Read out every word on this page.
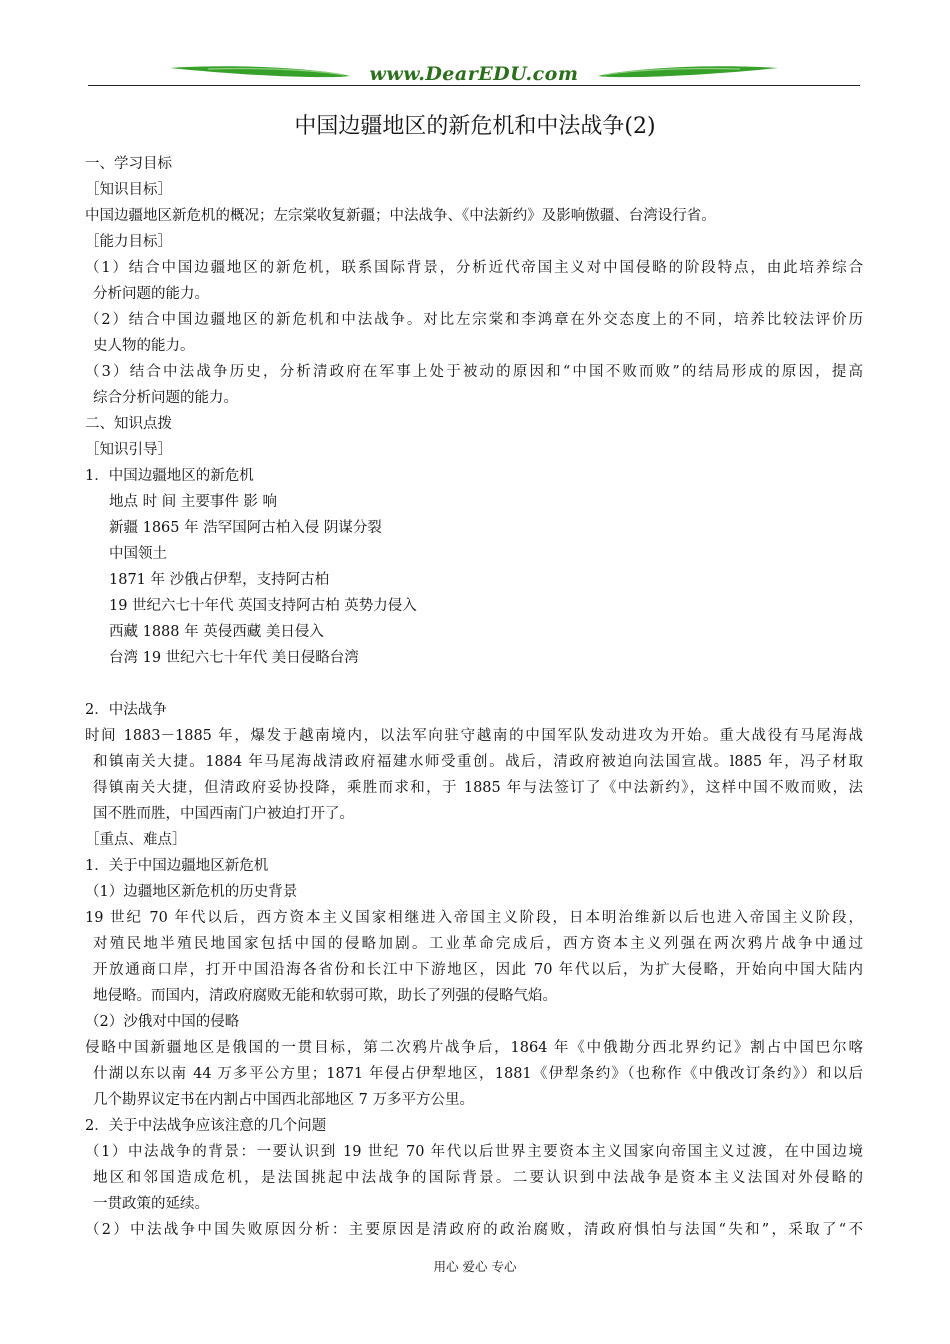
www.DearEDU.com
中国边疆地区的新危机和中法战争(2)
一、学习目标
［知识目标］
中国边疆地区新危机的概况；左宗棠收复新疆；中法战争、《中法新约》及影响傲疆、台湾设行省。
［能力目标］
（1）结合中国边疆地区的新危机，联系国际背景，分析近代帝国主义对中国侵略的阶段特点，由此培养综合
分析问题的能力。
（2）结合中国边疆地区的新危机和中法战争。对比左宗棠和李鸿章在外交态度上的不同，培养比较法评价历
史人物的能力。
（3）结合中法战争历史，分析清政府在军事上处于被动的原因和“中国不败而败”的结局形成的原因，提高
综合分析问题的能力。
二、知识点拨
［知识引导］
1．中国边疆地区的新危机
地点 时 间 主要事件 影 响
新疆 1865 年 浩罕国阿古柏入侵 阴谋分裂
中国领土
1871 年 沙俄占伊犁，支持阿古柏
19 世纪六七十年代 英国支持阿古柏 英势力侵入
西藏 1888 年 英侵西藏 美日侵入
台湾 19 世纪六七十年代 美日侵略台湾
2．中法战争
时间 1883－1885 年，爆发于越南境内，以法军向驻守越南的中国军队发动进攻为开始。重大战役有马尾海战
和镇南关大捷。1884 年马尾海战清政府福建水师受重创。战后，清政府被迫向法国宣战。l885 年，冯子材取
得镇南关大捷，但清政府妥协投降，乘胜而求和，于 1885 年与法签订了《中法新约》，这样中国不败而败，法
国不胜而胜，中国西南门户被迫打开了。
［重点、难点］
1．关于中国边疆地区新危机
（1）边疆地区新危机的历史背景
19 世纪 70 年代以后，西方资本主义国家相继进入帝国主义阶段，日本明治维新以后也进入帝国主义阶段，
对殖民地半殖民地国家包括中国的侵略加剧。工业革命完成后，西方资本主义列强在两次鸦片战争中通过
开放通商口岸，打开中国沿海各省份和长江中下游地区，因此 70 年代以后，为扩大侵略，开始向中国大陆内
地侵略。而国内，清政府腐败无能和软弱可欺，助长了列强的侵略气焰。
（2）沙俄对中国的侵略
侵略中国新疆地区是俄国的一贯目标，第二次鸦片战争后，1864 年《中俄勘分西北界约记》割占中国巴尔喀
什湖以东以南 44 万多平公方里；1871 年侵占伊犁地区，1881《伊犁条约》（也称作《中俄改订条约》）和以后
几个勘界议定书在内割占中国西北部地区 7 万多平方公里。
2．关于中法战争应该注意的几个问题
（1）中法战争的背景：一要认识到 19 世纪 70 年代以后世界主要资本主义国家向帝国主义过渡，在中国边境
地区和邻国造成危机，是法国挑起中法战争的国际背景。二要认识到中法战争是资本主义法国对外侵略的
一贯政策的延续。
（2）中法战争中国失败原因分析：主要原因是清政府的政治腐败，清政府惧怕与法国“失和”，采取了“不
用心 爱心 专心
